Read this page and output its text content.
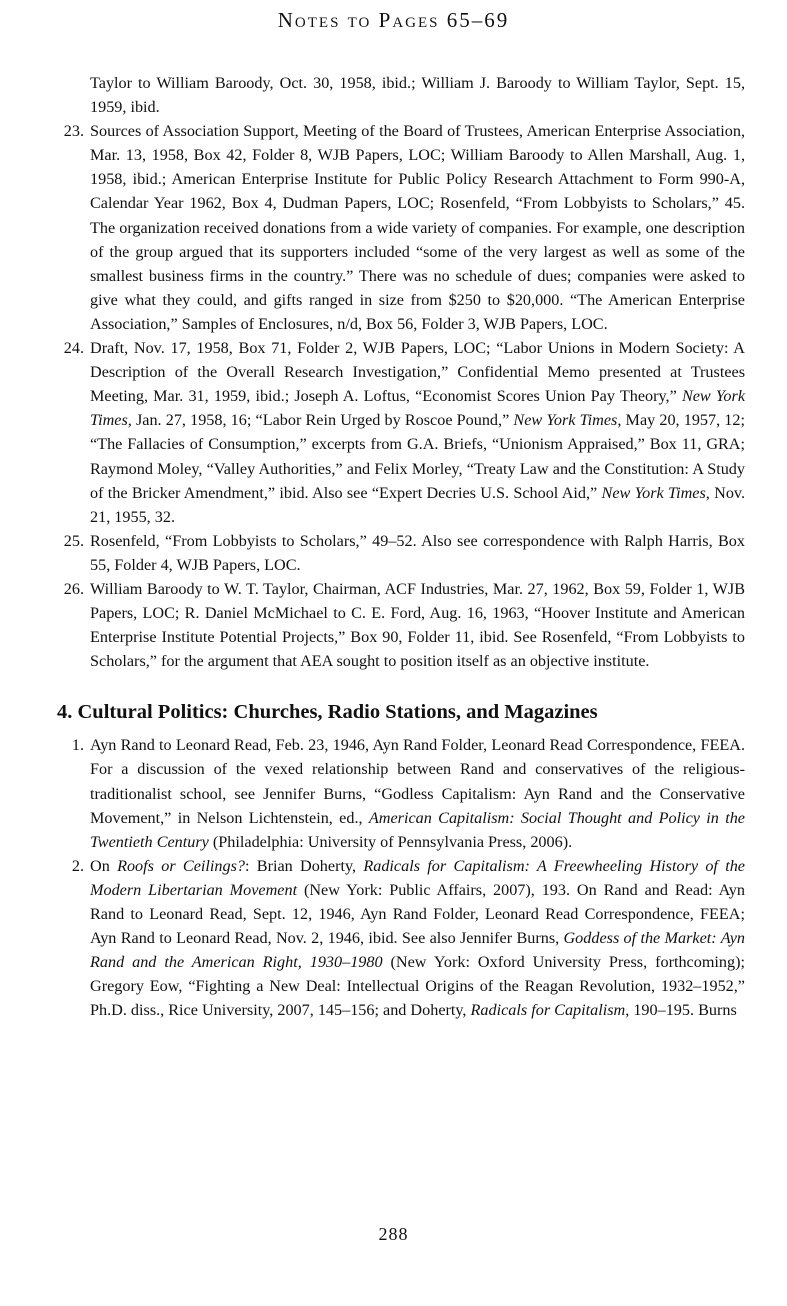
Notes to Pages 65–69
Taylor to William Baroody, Oct. 30, 1958, ibid.; William J. Baroody to William Taylor, Sept. 15, 1959, ibid.
23. Sources of Association Support, Meeting of the Board of Trustees, American Enterprise Association, Mar. 13, 1958, Box 42, Folder 8, WJB Papers, LOC; William Baroody to Allen Marshall, Aug. 1, 1958, ibid.; American Enterprise Institute for Public Policy Research Attachment to Form 990-A, Calendar Year 1962, Box 4, Dudman Papers, LOC; Rosenfeld, “From Lobbyists to Scholars,” 45. The organization received donations from a wide variety of companies. For example, one description of the group argued that its supporters included “some of the very largest as well as some of the smallest business firms in the country.” There was no schedule of dues; companies were asked to give what they could, and gifts ranged in size from $250 to $20,000. “The American Enterprise Association,” Samples of Enclosures, n/d, Box 56, Folder 3, WJB Papers, LOC.
24. Draft, Nov. 17, 1958, Box 71, Folder 2, WJB Papers, LOC; “Labor Unions in Modern Society: A Description of the Overall Research Investigation,” Confidential Memo presented at Trustees Meeting, Mar. 31, 1959, ibid.; Joseph A. Loftus, “Economist Scores Union Pay Theory,” New York Times, Jan. 27, 1958, 16; “Labor Rein Urged by Roscoe Pound,” New York Times, May 20, 1957, 12; “The Fallacies of Consumption,” excerpts from G.A. Briefs, “Unionism Appraised,” Box 11, GRA; Raymond Moley, “Valley Authorities,” and Felix Morley, “Treaty Law and the Constitution: A Study of the Bricker Amendment,” ibid. Also see “Expert Decries U.S. School Aid,” New York Times, Nov. 21, 1955, 32.
25. Rosenfeld, “From Lobbyists to Scholars,” 49–52. Also see correspondence with Ralph Harris, Box 55, Folder 4, WJB Papers, LOC.
26. William Baroody to W. T. Taylor, Chairman, ACF Industries, Mar. 27, 1962, Box 59, Folder 1, WJB Papers, LOC; R. Daniel McMichael to C. E. Ford, Aug. 16, 1963, “Hoover Institute and American Enterprise Institute Potential Projects,” Box 90, Folder 11, ibid. See Rosenfeld, “From Lobbyists to Scholars,” for the argument that AEA sought to position itself as an objective institute.
4. Cultural Politics: Churches, Radio Stations, and Magazines
1. Ayn Rand to Leonard Read, Feb. 23, 1946, Ayn Rand Folder, Leonard Read Correspondence, FEEA. For a discussion of the vexed relationship between Rand and conservatives of the religious-traditionalist school, see Jennifer Burns, “Godless Capitalism: Ayn Rand and the Conservative Movement,” in Nelson Lichtenstein, ed., American Capitalism: Social Thought and Policy in the Twentieth Century (Philadelphia: University of Pennsylvania Press, 2006).
2. On Roofs or Ceilings?: Brian Doherty, Radicals for Capitalism: A Freewheeling History of the Modern Libertarian Movement (New York: Public Affairs, 2007), 193. On Rand and Read: Ayn Rand to Leonard Read, Sept. 12, 1946, Ayn Rand Folder, Leonard Read Correspondence, FEEA; Ayn Rand to Leonard Read, Nov. 2, 1946, ibid. See also Jennifer Burns, Goddess of the Market: Ayn Rand and the American Right, 1930–1980 (New York: Oxford University Press, forthcoming); Gregory Eow, “Fighting a New Deal: Intellectual Origins of the Reagan Revolution, 1932–1952,” Ph.D. diss., Rice University, 2007, 145–156; and Doherty, Radicals for Capitalism, 190–195. Burns
288
